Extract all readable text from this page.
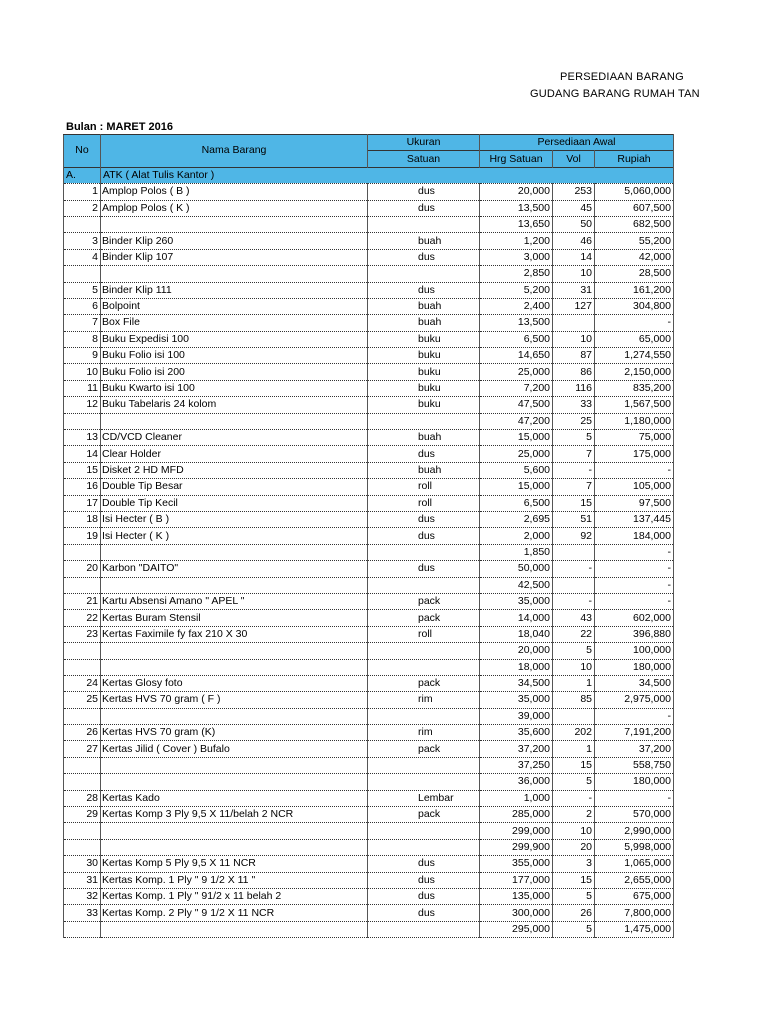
PERSEDIAAN BARANG
GUDANG BARANG RUMAH TAN
Bulan : MARET 2016
No	Nama Barang	Ukuran	Persediaan Awal		
		Satuan	Hrg Satuan	Vol	Rupiah
A.	ATK ( Alat Tulis Kantor )				
1	Amplop Polos ( B )	dus	20,000	253	5,060,000
2	Amplop Polos ( K )	dus	13,500	45	607,500
			13,650	50	682,500
3	Binder Klip 260	buah	1,200	46	55,200
4	Binder Klip 107	dus	3,000	14	42,000
			2,850	10	28,500
5	Binder Klip 111	dus	5,200	31	161,200
6	Bolpoint	buah	2,400	127	304,800
7	Box File	buah	13,500		-
8	Buku Expedisi 100	buku	6,500	10	65,000
9	Buku Folio isi 100	buku	14,650	87	1,274,550
10	Buku Folio isi 200	buku	25,000	86	2,150,000
11	Buku Kwarto isi 100	buku	7,200	116	835,200
12	Buku Tabelaris 24 kolom	buku	47,500	33	1,567,500
			47,200	25	1,180,000
13	CD/VCD Cleaner	buah	15,000	5	75,000
14	Clear Holder	dus	25,000	7	175,000
15	Disket 2 HD MFD	buah	5,600	-	-
16	Double Tip Besar	roll	15,000	7	105,000
17	Double Tip Kecil	roll	6,500	15	97,500
18	Isi Hecter ( B )	dus	2,695	51	137,445
19	Isi Hecter ( K )	dus	2,000	92	184,000
			1,850		-
20	Karbon "DAITO"	dus	50,000	-	-
			42,500		-
21	Kartu Absensi Amano " APEL "	pack	35,000	-	-
22	Kertas Buram Stensil	pack	14,000	43	602,000
23	Kertas Faximile fy fax 210 X 30	roll	18,040	22	396,880
			20,000	5	100,000
			18,000	10	180,000
24	Kertas Glosy foto	pack	34,500	1	34,500
25	Kertas HVS 70 gram ( F )	rim	35,000	85	2,975,000
			39,000		-
26	Kertas HVS 70 gram (K)	rim	35,600	202	7,191,200
27	Kertas Jilid ( Cover ) Bufalo	pack	37,200	1	37,200
			37,250	15	558,750
			36,000	5	180,000
28	Kertas Kado	Lembar	1,000	-	-
29	Kertas Komp 3 Ply 9,5 X 11/belah 2 NCR	pack	285,000	2	570,000
			299,000	10	2,990,000
			299,900	20	5,998,000
30	Kertas Komp 5 Ply 9,5 X 11 NCR	dus	355,000	3	1,065,000
31	Kertas Komp. 1 Ply " 9 1/2 X 11 "	dus	177,000	15	2,655,000
32	Kertas Komp. 1 Ply " 91/2 x 11 belah 2	dus	135,000	5	675,000
33	Kertas Komp. 2 Ply " 9 1/2 X 11 NCR	dus	300,000	26	7,800,000
			295,000	5	1,475,000
